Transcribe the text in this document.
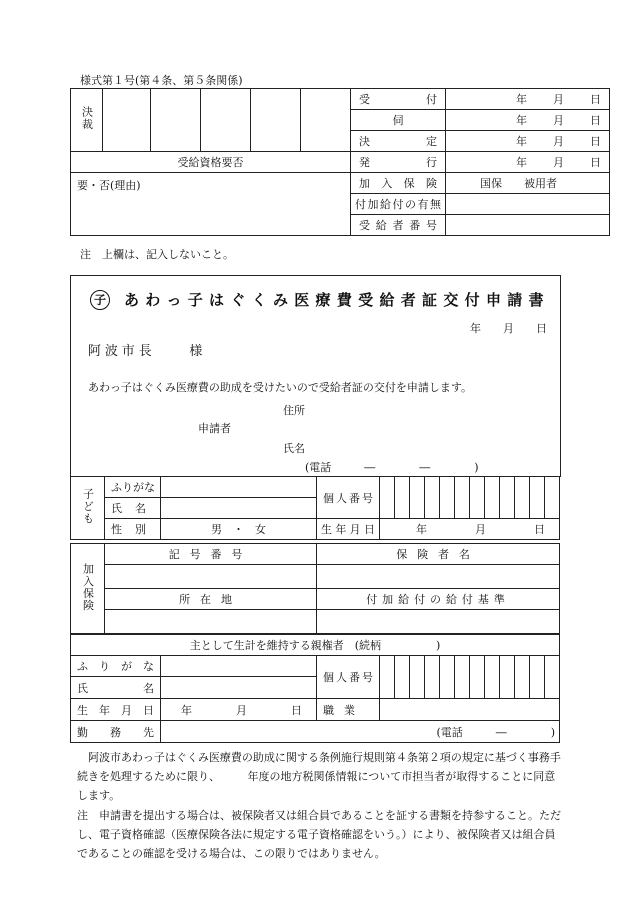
様式第１号(第４条、第５条関係)
決裁						受付	年 月 日

						伺	年 月 日

						決定	年 月 日

受給資格要否						発行	年 月 日

要・否(理由)						加入保険	国保　　被用者
						付加給付の有無	
						受給者番号	
注　上欄は、記入しないこと。
子 あわっ子はぐくみ医療費受給者証交付申請書
年 月 日
阿波市長　　様
あわっ子はぐくみ医療費の助成を受けたいので受給者証の交付を申請します。
住所
申請者
氏名
(電話　　　―　　　　―　　　　)
子ども	ふりがな		個人番号												
	氏名														
	性別	男　・　女	生年月日	年 月 日											
加入保険	記号番号	保険者名

	所在地	付加給付の給付基準

主として生計を維持する親権者　(続柄　　　　　)														
ふりがな		個人番号												
氏名														
生年月日	年 月 日	職業												
勤務先	(電話　　　―　　　　)													
　阿波市あわっ子はぐくみ医療費の助成に関する条例施行規則第４条第２項の規定に基づく事務手続きを処理するために限り、　　　年度の地方税関係情報について市担当者が取得することに同意します。
注　申請書を提出する場合は、被保険者又は組合員であることを証する書類を持参すること。ただし、電子資格確認（医療保険各法に規定する電子資格確認をいう。）により、被保険者又は組合員であることの確認を受ける場合は、この限りではありません。
